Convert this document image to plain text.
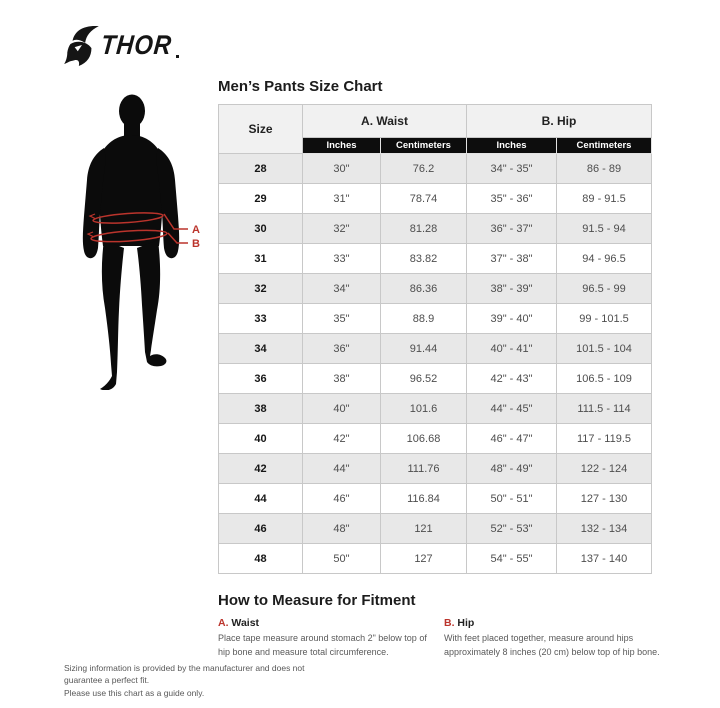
THOR
A
B
Men’s Pants Size Chart
Size	A. Waist		B. Hip	
	Inches	Centimeters	Inches	Centimeters
28	30"	76.2	34" - 35"	86 - 89
29	31"	78.74	35" - 36"	89 - 91.5
30	32"	81.28	36" - 37"	91.5 - 94
31	33"	83.82	37" - 38"	94 - 96.5
32	34"	86.36	38" - 39"	96.5 - 99
33	35"	88.9	39" - 40"	99 - 101.5
34	36"	91.44	40" - 41"	101.5 - 104
36	38"	96.52	42" - 43"	106.5 - 109
38	40"	101.6	44" - 45"	111.5 - 114
40	42"	106.68	46" - 47"	117 - 119.5
42	44"	111.76	48" - 49"	122 - 124
44	46"	116.84	50" - 51"	127 - 130
46	48"	121	52" - 53"	132 - 134
48	50"	127	54" - 55"	137 - 140
How to Measure for Fitment
A. Waist
Place tape measure around stomach 2" below top of hip bone and measure total circumference.
B. Hip
With feet placed together, measure around hips approximately 8 inches (20 cm) below top of hip bone.
Sizing information is provided by the manufacturer and does not guarantee a perfect fit.
Please use this chart as a guide only.
